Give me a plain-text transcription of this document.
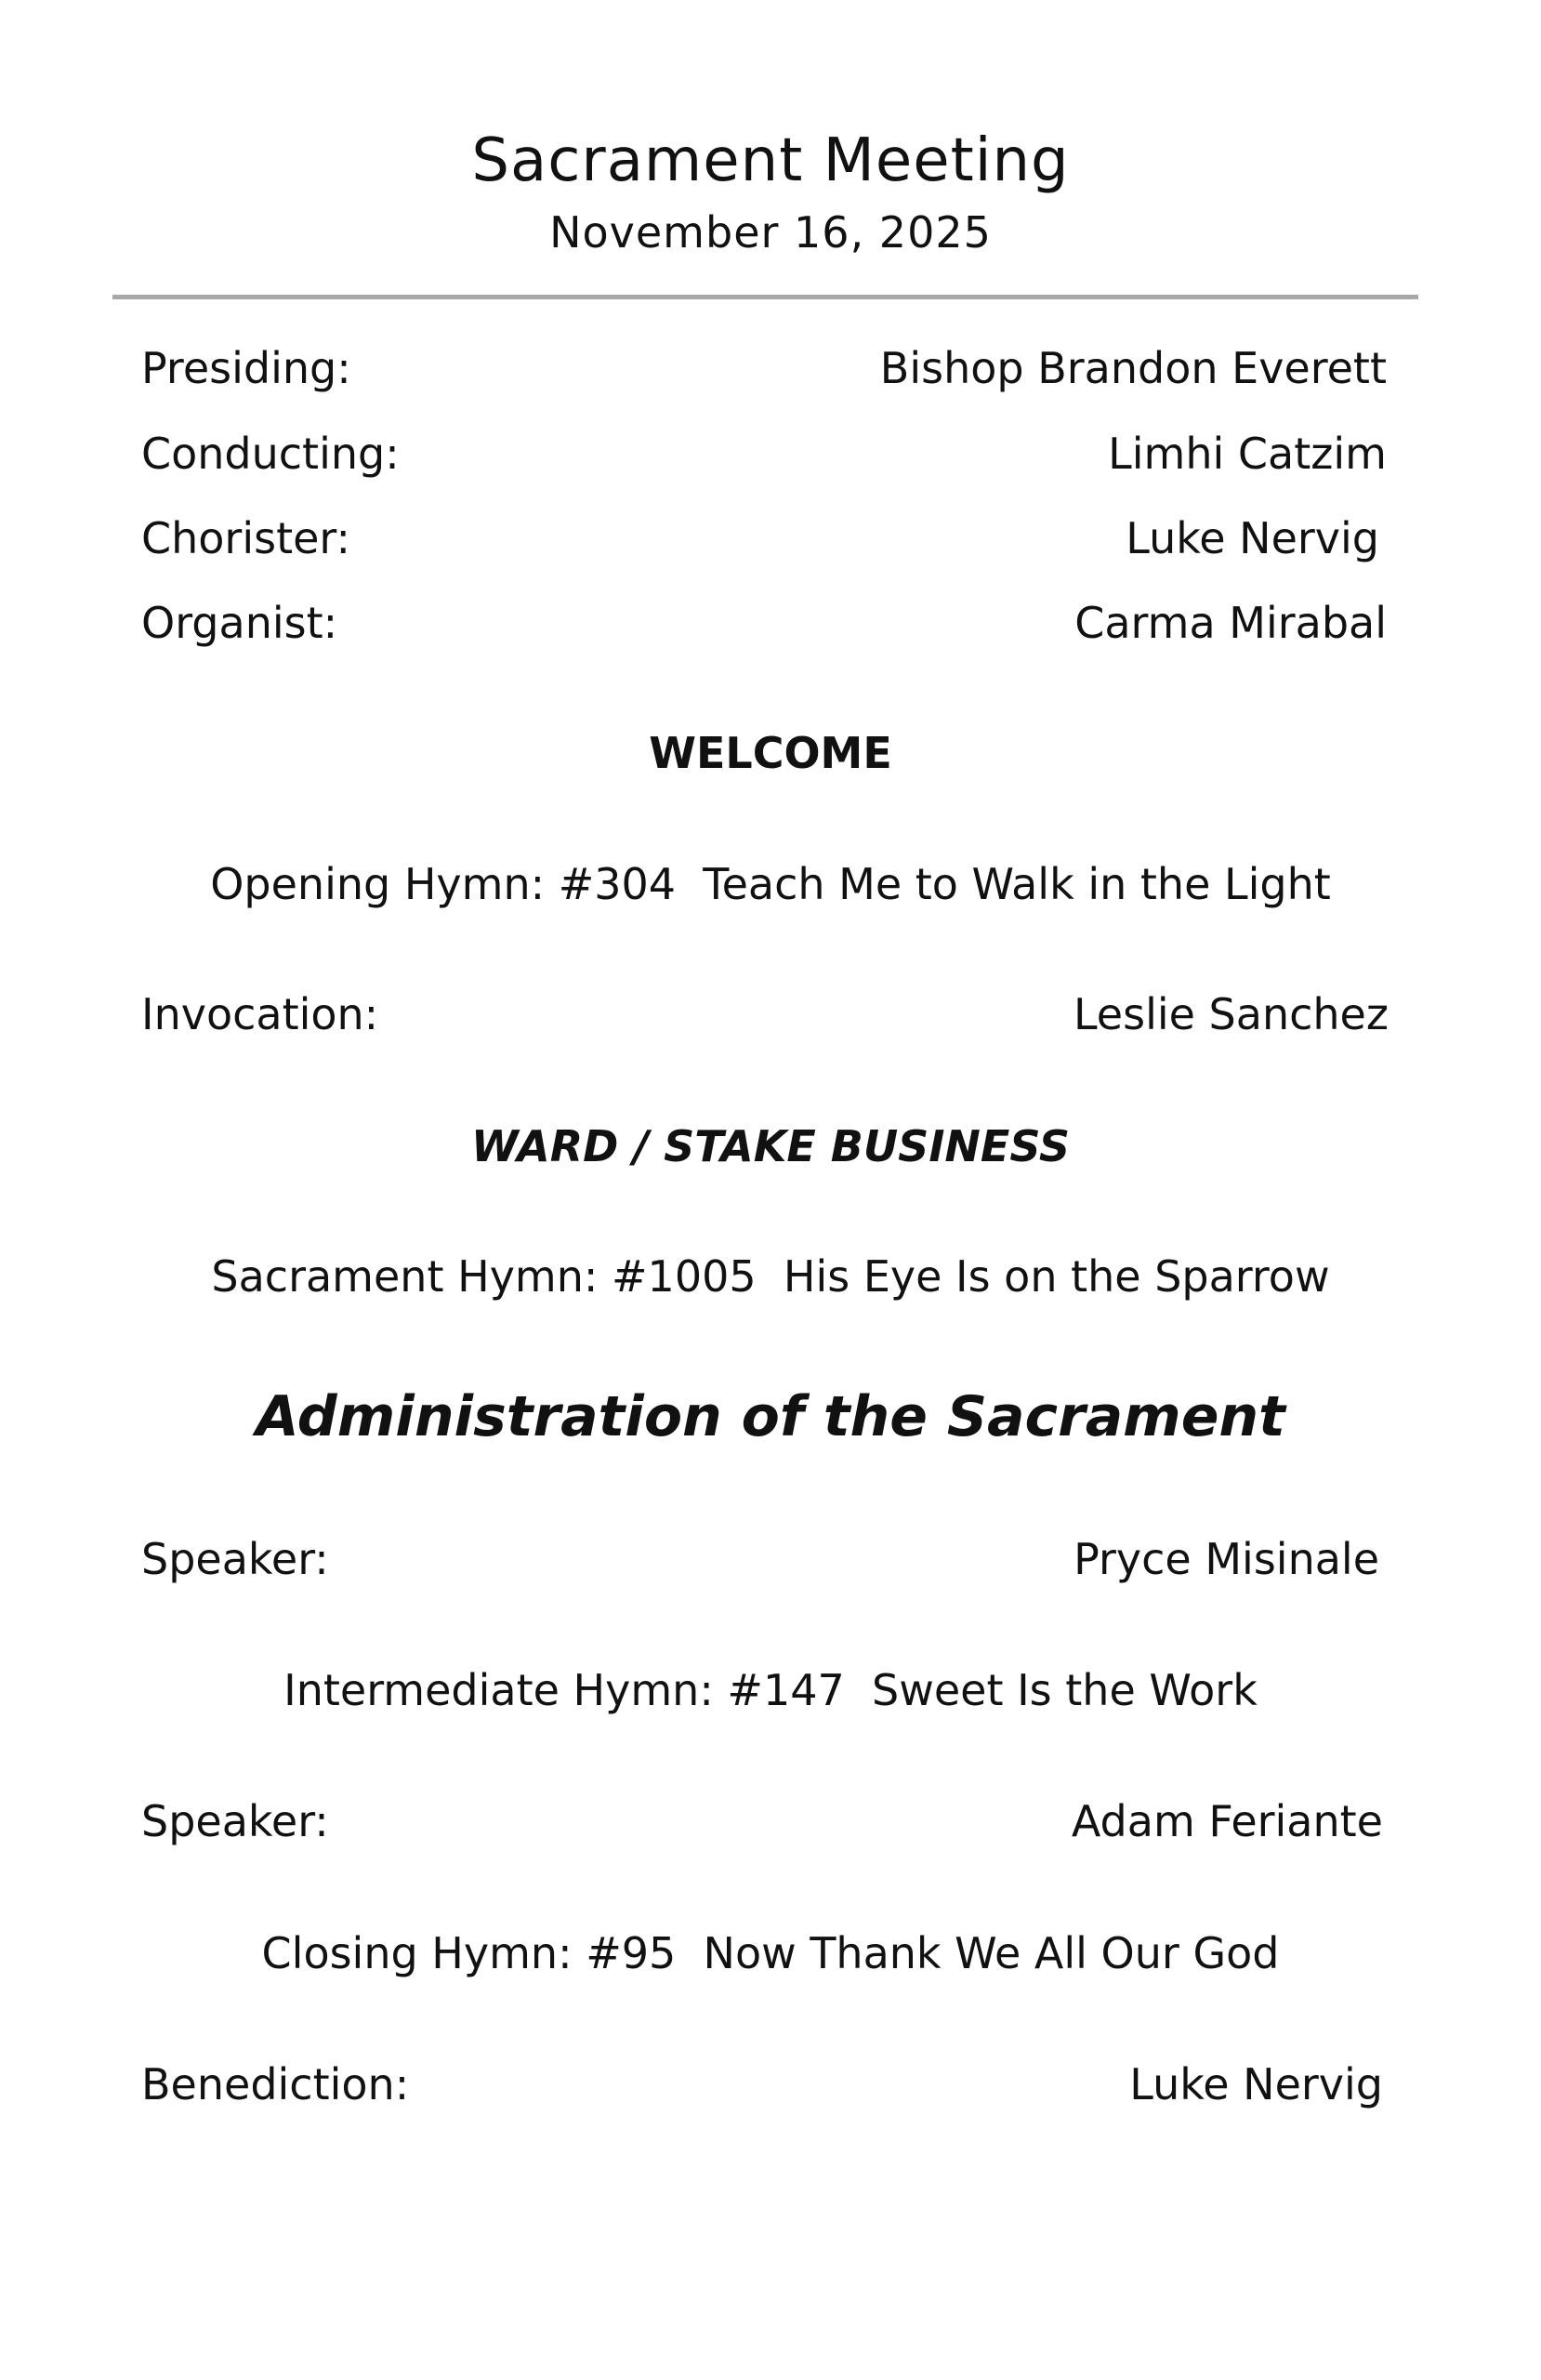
Sacrament Meeting
November 16, 2025
Presiding:	Bishop Brandon Everett
Conducting:	Limhi Catzim
Chorister:	Luke Nervig
Organist:	Carma Mirabal
WELCOME
Opening Hymn: #304  Teach Me to Walk in the Light
Invocation:	Leslie Sanchez
WARD / STAKE BUSINESS
Sacrament Hymn: #1005  His Eye Is on the Sparrow
Administration of the Sacrament
Speaker:	Pryce Misinale
Intermediate Hymn: #147  Sweet Is the Work
Speaker:	Adam Feriante
Closing Hymn: #95  Now Thank We All Our God
Benediction:	Luke Nervig
